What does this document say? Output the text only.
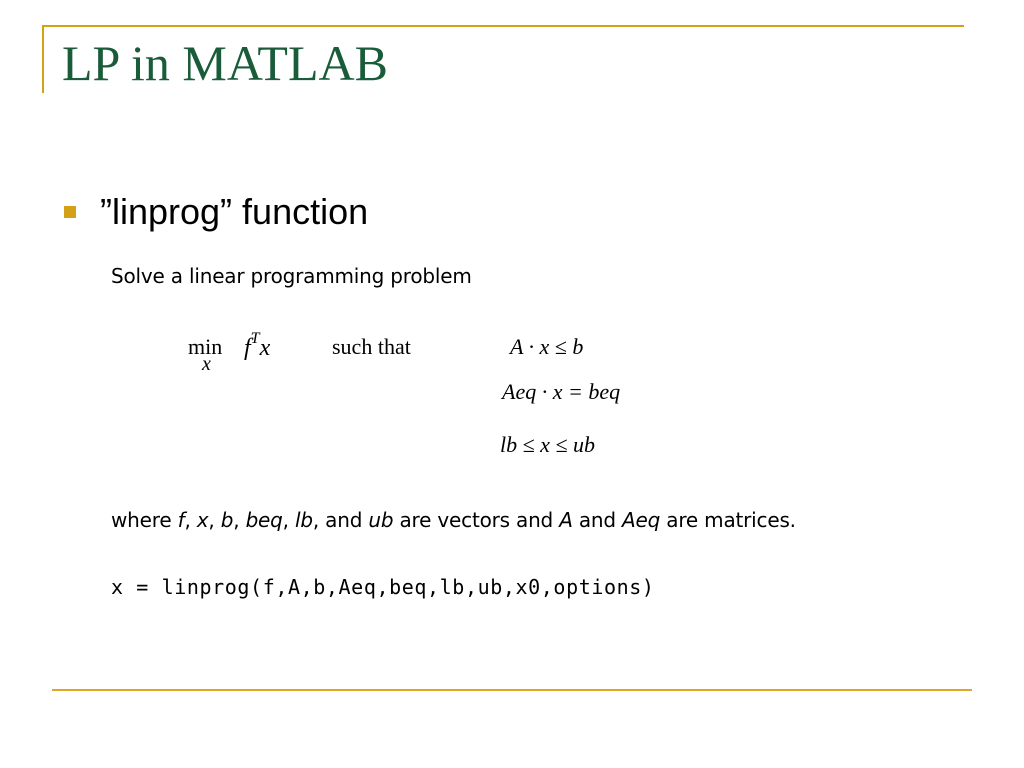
LP in MATLAB
”linprog” function
Solve a linear programming problem
min
x
$f^Tx$	such that	A · x ≤ b
Aeq · x = beq
lb ≤ x ≤ ub
where f, x, b, beq, lb, and ub are vectors and A and Aeq are matrices.
x = linprog(f,A,b,Aeq,beq,lb,ub,x0,options)
